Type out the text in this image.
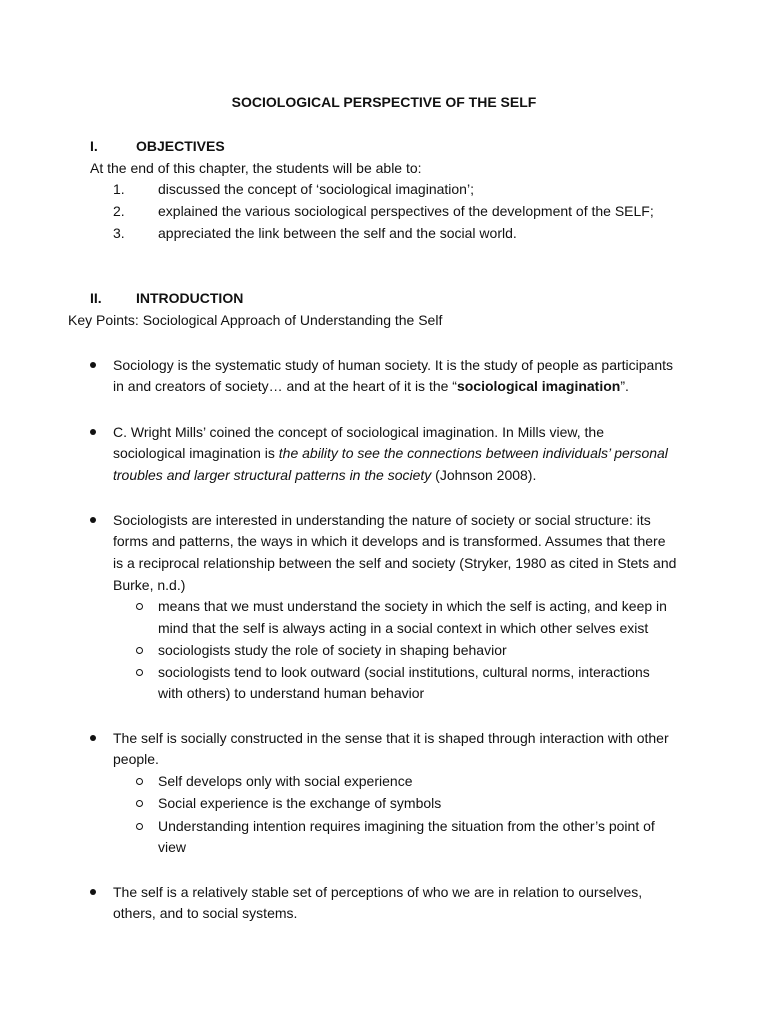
SOCIOLOGICAL PERSPECTIVE OF THE SELF
I.	OBJECTIVES
At the end of this chapter, the students will be able to:
1. discussed the concept of ‘sociological imagination’;
2. explained the various sociological perspectives of the development of the SELF;
3. appreciated the link between the self and the social world.
II. INTRODUCTION
Key Points: Sociological Approach of Understanding the Self
Sociology is the systematic study of human society. It is the study of people as participants
in and creators of society… and at the heart of it is the “sociological imagination”.
C. Wright Mills’ coined the concept of sociological imagination. In Mills view, the
sociological imagination is the ability to see the connections between individuals’ personal
troubles and larger structural patterns in the society (Johnson 2008).
Sociologists are interested in understanding the nature of society or social structure: its
forms and patterns, the ways in which it develops and is transformed. Assumes that there
is a reciprocal relationship between the self and society (Stryker, 1980 as cited in Stets and
Burke, n.d.)
means that we must understand the society in which the self is acting, and keep in
mind that the self is always acting in a social context in which other selves exist
sociologists study the role of society in shaping behavior
sociologists tend to look outward (social institutions, cultural norms, interactions
with others) to understand human behavior
The self is socially constructed in the sense that it is shaped through interaction with other
people.
Self develops only with social experience
Social experience is the exchange of symbols
Understanding intention requires imagining the situation from the other’s point of
view
The self is a relatively stable set of perceptions of who we are in relation to ourselves,
others, and to social systems.
